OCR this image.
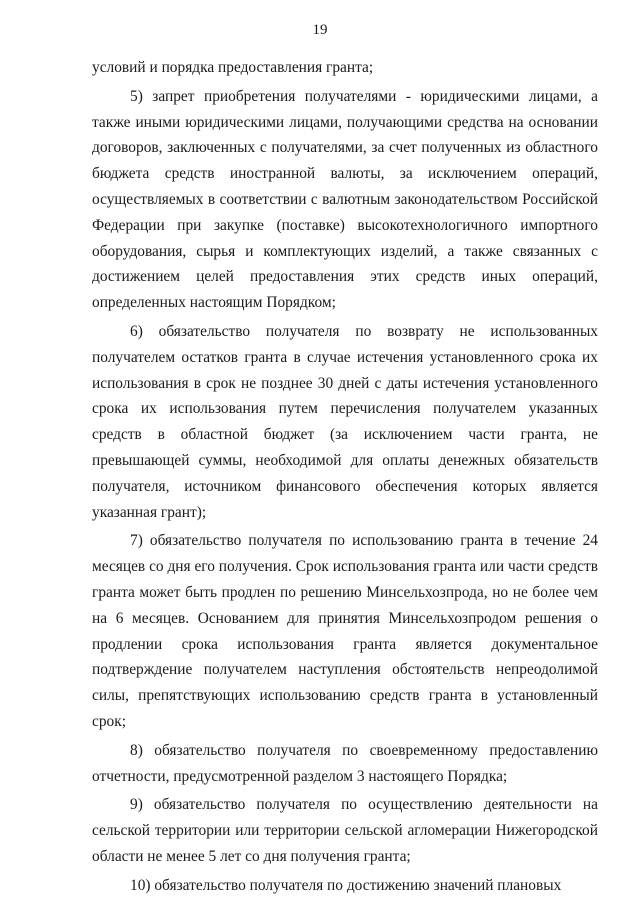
19

условий и порядка предоставления гранта;

5) запрет приобретения получателями - юридическими лицами, а также иными юридическими лицами, получающими средства на основании договоров, заключенных с получателями, за счет полученных из областного бюджета средств иностранной валюты, за исключением операций, осуществляемых в соответствии с валютным законодательством Российской Федерации при закупке (поставке) высокотехнологичного импортного оборудования, сырья и комплектующих изделий, а также связанных с достижением целей предоставления этих средств иных операций, определенных настоящим Порядком;

6) обязательство получателя по возврату не использованных получателем остатков гранта в случае истечения установленного срока их использования в срок не позднее 30 дней с даты истечения установленного срока их использования путем перечисления получателем указанных средств в областной бюджет (за исключением части гранта, не превышающей суммы, необходимой для оплаты денежных обязательств получателя, источником финансового обеспечения которых является указанная грант);

7) обязательство получателя по использованию гранта в течение 24 месяцев со дня его получения. Срок использования гранта или части средств гранта может быть продлен по решению Минсельхозпрода, но не более чем на 6 месяцев. Основанием для принятия Минсельхозпродом решения о продлении срока использования гранта является документальное подтверждение получателем наступления обстоятельств непреодолимой силы, препятствующих использованию средств гранта в установленный срок;

8) обязательство получателя по своевременному предоставлению отчетности, предусмотренной разделом 3 настоящего Порядка;

9) обязательство получателя по осуществлению деятельности на сельской территории или территории сельской агломерации Нижегородской области не менее 5 лет со дня получения гранта;

10) обязательство получателя по достижению значений плановых
